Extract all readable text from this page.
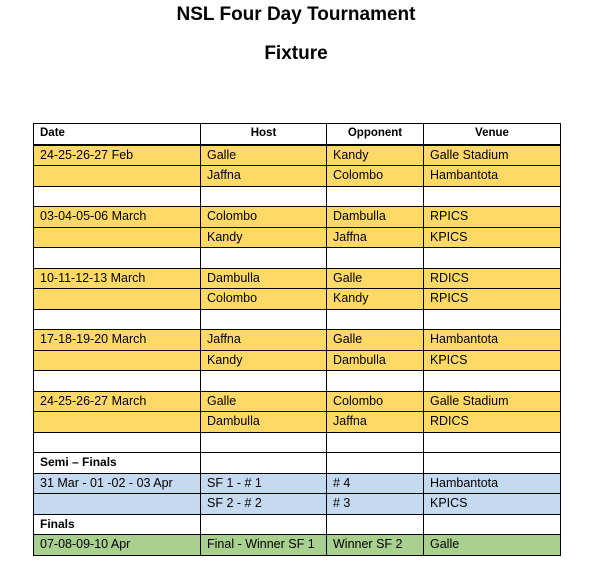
NSL Four Day Tournament
Fixture
Date	Host	Opponent	Venue
24-25-26-27 Feb	Galle	Kandy	Galle Stadium
	Jaffna	Colombo	Hambantota

03-04-05-06 March	Colombo	Dambulla	RPICS
	Kandy	Jaffna	KPICS

10-11-12-13 March	Dambulla	Galle	RDICS
	Colombo	Kandy	RPICS

17-18-19-20 March	Jaffna	Galle	Hambantota
	Kandy	Dambulla	KPICS

24-25-26-27 March	Galle	Colombo	Galle Stadium
	Dambulla	Jaffna	RDICS

Semi – Finals			
31 Mar - 01 -02 - 03 Apr	SF 1 - # 1	# 4	Hambantota
	SF 2 - # 2	# 3	KPICS
Finals			
07-08-09-10 Apr	Final - Winner SF 1	Winner SF 2	Galle
